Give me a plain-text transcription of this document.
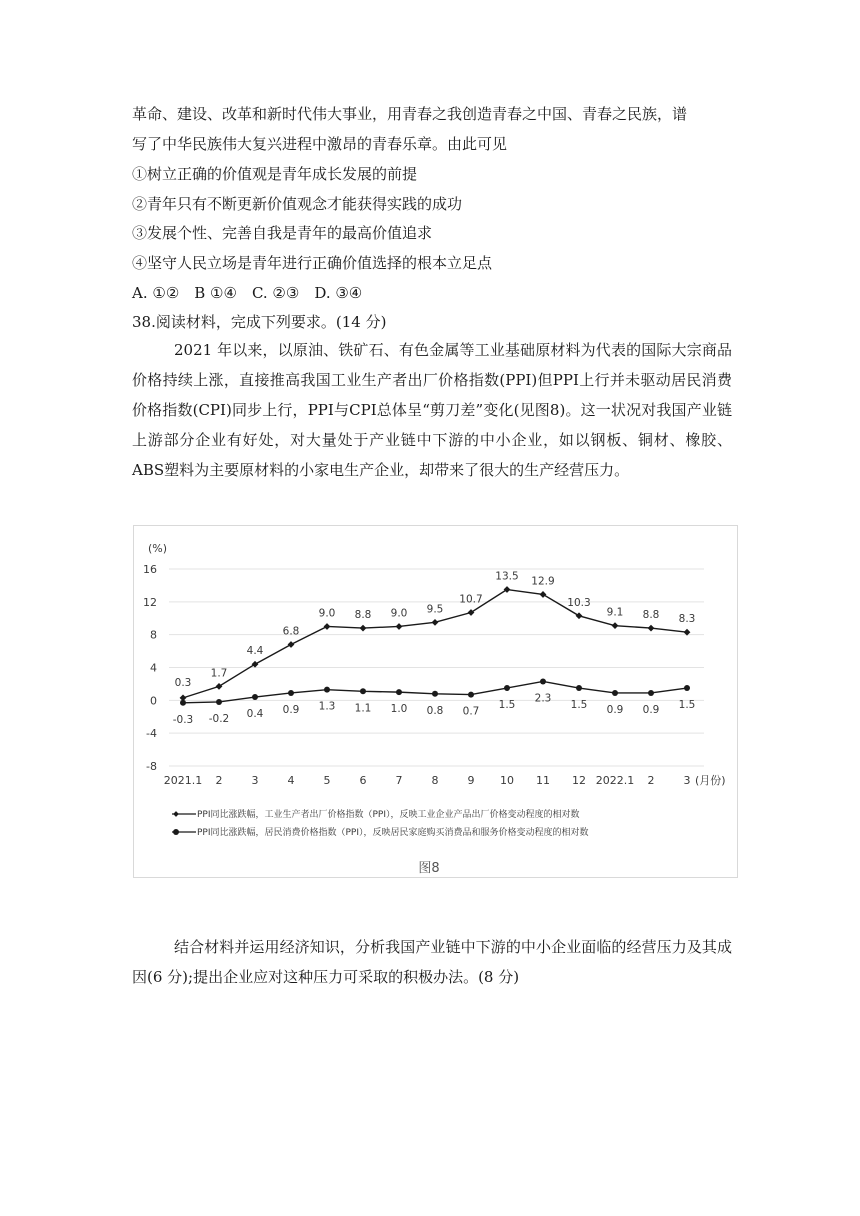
革命、建设、改革和新时代伟大事业，用青春之我创造青春之中国、青春之民族，谱
写了中华民族伟大复兴进程中激昂的青春乐章。由此可见
①树立正确的价值观是青年成长发展的前提
②青年只有不断更新价值观念才能获得实践的成功
③发展个性、完善自我是青年的最高价值追求
④坚守人民立场是青年进行正确价值选择的根本立足点
A. ①②　B ①④　C. ②③　D. ③④
38.阅读材料，完成下列要求。(14 分)
2021 年以来，以原油、铁矿石、有色金属等工业基础原材料为代表的国际大宗商品价格持续上涨，直接推高我国工业生产者出厂价格指数(PPI)但PPI上行并未驱动居民消费价格指数(CPI)同步上行，PPI与CPI总体呈“剪刀差”变化(见图8)。这一状况对我国产业链上游部分企业有好处，对大量处于产业链中下游的中小企业，如以钢板、铜材、橡胶、ABS塑料为主要原材料的小家电生产企业，却带来了很大的生产经营压力。
(%)
16
12
8
4
0
-4
-8
2021.1 2	3	4	5	6	7	8	9 10 11 12 2022.1 2	3 (月份)
0.3
1.7
4.4
6.8
9.0 8.8 9.0 9.5
10.7
13.5 12.9
10.3
9.1 8.8 8.3
-0.3 -0.2 0.4 0.9 1.3 1.1 1.0 0.8 0.7
1.5
2.3
1.5 0.9 0.9 1.5
PPI同比涨跌幅，工业生产者出厂价格指数（PPI），反映工业企业产品出厂价格变动程度的相对数
PPI同比涨跌幅，居民消费价格指数（PPI），反映居民家庭购买消费品和服务价格变动程度的相对数
图8
结合材料并运用经济知识，分析我国产业链中下游的中小企业面临的经营压力及其成因(6 分);提出企业应对这种压力可采取的积极办法。(8 分)
